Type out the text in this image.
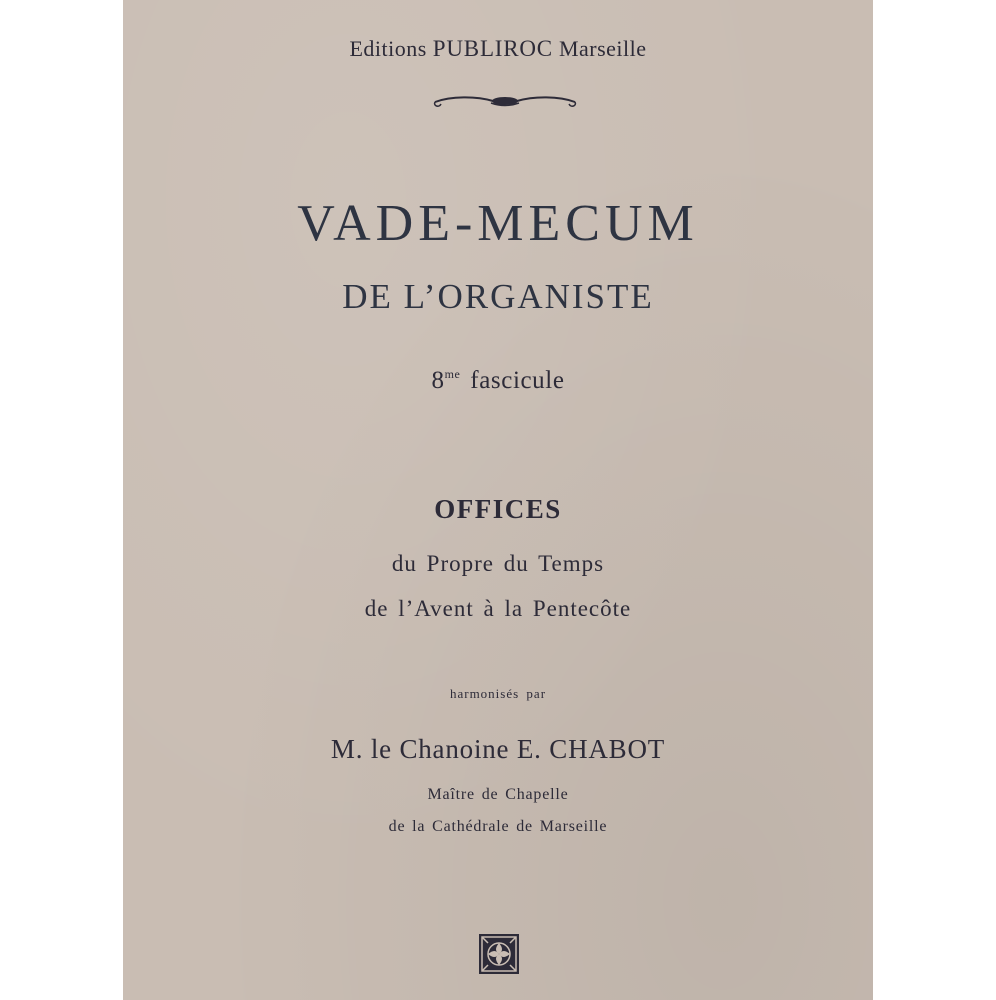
Editions PUBLIROC Marseille
VADE-MECUM
DE L’ORGANISTE
$8^{me}$ fascicule
OFFICES
du Propre du Temps
de l’Avent à la Pentecôte
harmonisés par
M. le Chanoine E. CHABOT
Maître de Chapelle
de la Cathédrale de Marseille
